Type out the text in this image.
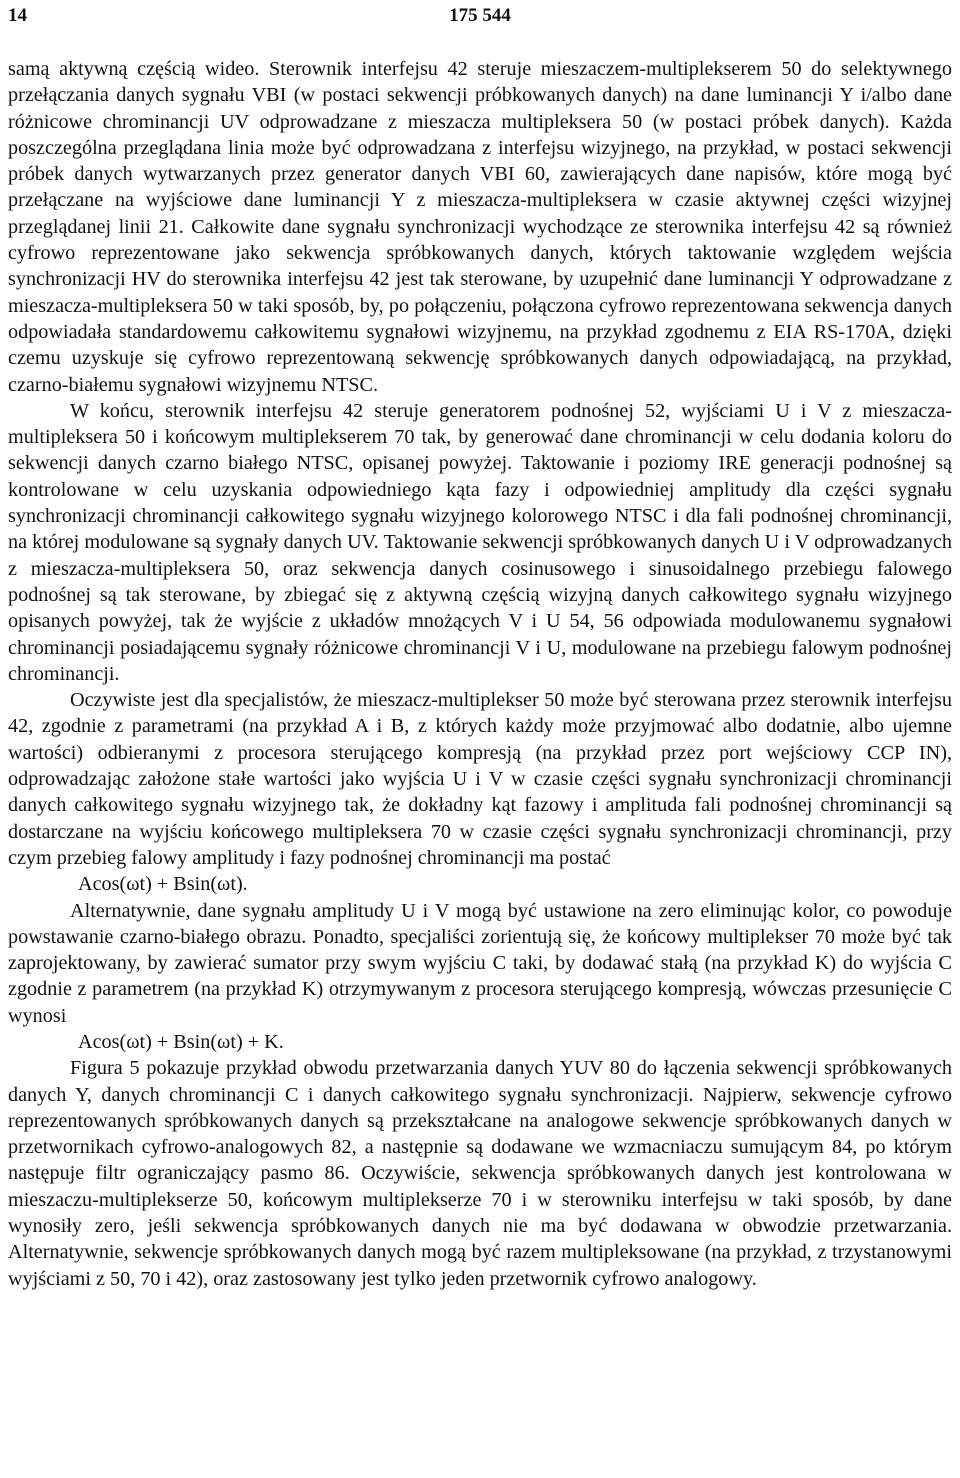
14	175 544

samą aktywną częścią wideo. Sterownik interfejsu 42 steruje mieszaczem-multiplekserem 50 do selektywnego przełączania danych sygnału VBI (w postaci sekwencji próbkowanych danych) na dane luminancji Y i/albo dane różnicowe chrominancji UV odprowadzane z mieszacza multipleksera 50 (w postaci próbek danych). Każda poszczególna przeglądana linia może być odprowadzana z interfejsu wizyjnego, na przykład, w postaci sekwencji próbek danych wytwarzanych przez generator danych VBI 60, zawierających dane napisów, które mogą być przełączane na wyjściowe dane luminancji Y z mieszacza-multipleksera w czasie aktywnej części wizyjnej przeglądanej linii 21. Całkowite dane sygnału synchronizacji wychodzące ze sterownika interfejsu 42 są również cyfrowo reprezentowane jako sekwencja spróbkowanych danych, których taktowanie względem wejścia synchronizacji HV do sterownika interfejsu 42 jest tak sterowane, by uzupełnić dane luminancji Y odprowadzane z mieszacza-multipleksera 50 w taki sposób, by, po połączeniu, połączona cyfrowo reprezentowana sekwencja danych odpowiadała standardowemu całkowitemu sygnałowi wizyjnemu, na przykład zgodnemu z EIA RS-170A, dzięki czemu uzyskuje się cyfrowo reprezentowaną sekwencję spróbkowanych danych odpowiadającą, na przykład, czarno-białemu sygnałowi wizyjnemu NTSC.

W końcu, sterownik interfejsu 42 steruje generatorem podnośnej 52, wyjściami U i V z mieszacza-multipleksera 50 i końcowym multiplekserem 70 tak, by generować dane chrominancji w celu dodania koloru do sekwencji danych czarno białego NTSC, opisanej powyżej. Taktowanie i poziomy IRE generacji podnośnej są kontrolowane w celu uzyskania odpowiedniego kąta fazy i odpowiedniej amplitudy dla części sygnału synchronizacji chrominancji całkowitego sygnału wizyjnego kolorowego NTSC i dla fali podnośnej chrominancji, na której modulowane są sygnały danych UV. Taktowanie sekwencji spróbkowanych danych U i V odprowadzanych z mieszacza-multipleksera 50, oraz sekwencja danych cosinusowego i sinusoidalnego przebiegu falowego podnośnej są tak sterowane, by zbiegać się z aktywną częścią wizyjną danych całkowitego sygnału wizyjnego opisanych powyżej, tak że wyjście z układów mnożących V i U 54, 56 odpowiada modulowanemu sygnałowi chrominancji posiadającemu sygnały różnicowe chrominancji V i U, modulowane na przebiegu falowym podnośnej chrominancji.

Oczywiste jest dla specjalistów, że mieszacz-multiplekser 50 może być sterowana przez sterownik interfejsu 42, zgodnie z parametrami (na przykład A i B, z których każdy może przyjmować albo dodatnie, albo ujemne wartości) odbieranymi z procesora sterującego kompresją (na przykład przez port wejściowy CCP IN), odprowadzając założone stałe wartości jako wyjścia U i V w czasie części sygnału synchronizacji chrominancji danych całkowitego sygnału wizyjnego tak, że dokładny kąt fazowy i amplituda fali podnośnej chrominancji są dostarczane na wyjściu końcowego multipleksera 70 w czasie części sygnału synchronizacji chrominancji, przy czym przebieg falowy amplitudy i fazy podnośnej chrominancji ma postać

Acos(ωt) + Bsin(ωt).

Alternatywnie, dane sygnału amplitudy U i V mogą być ustawione na zero eliminując kolor, co powoduje powstawanie czarno-białego obrazu. Ponadto, specjaliści zorientują się, że końcowy multiplekser 70 może być tak zaprojektowany, by zawierać sumator przy swym wyjściu C taki, by dodawać stałą (na przykład K) do wyjścia C zgodnie z parametrem (na przykład K) otrzymywanym z procesora sterującego kompresją, wówczas przesunięcie C wynosi

Acos(ωt) + Bsin(ωt) + K.

Figura 5 pokazuje przykład obwodu przetwarzania danych YUV 80 do łączenia sekwencji spróbkowanych danych Y, danych chrominancji C i danych całkowitego sygnału synchronizacji. Najpierw, sekwencje cyfrowo reprezentowanych spróbkowanych danych są przekształcane na analogowe sekwencje spróbkowanych danych w przetwornikach cyfrowo-analogowych 82, a następnie są dodawane we wzmacniaczu sumującym 84, po którym następuje filtr ograniczający pasmo 86. Oczywiście, sekwencja spróbkowanych danych jest kontrolowana w mieszaczu-multiplekserze 50, końcowym multiplekserze 70 i w sterowniku interfejsu w taki sposób, by dane wynosiły zero, jeśli sekwencja spróbkowanych danych nie ma być dodawana w obwodzie przetwarzania. Alternatywnie, sekwencje spróbkowanych danych mogą być razem multipleksowane (na przykład, z trzystanowymi wyjściami z 50, 70 i 42), oraz zastosowany jest tylko jeden przetwornik cyfrowo analogowy.
